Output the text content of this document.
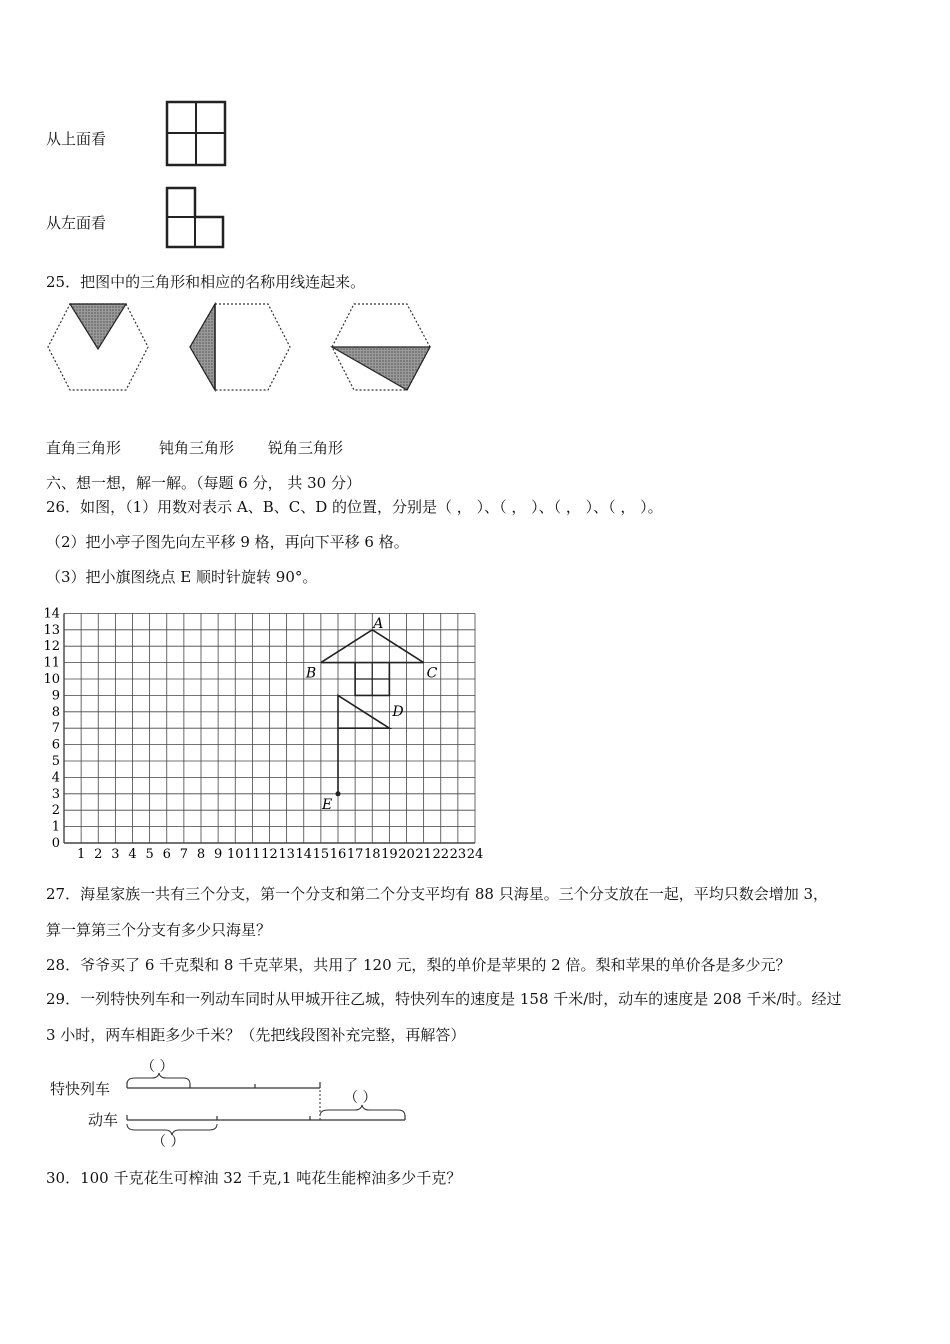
从上面看
从左面看
25．把图中的三角形和相应的名称用线连起来。
直角三角形	钝角三角形 锐角三角形
六、想一想，解一解。（每题 6 分， 共 30 分）
26．如图，（1）用数对表示 A、B、C、D 的位置，分别是（ ， ）、（ ， ）、（ ， ）、（ ， ）。
（2）把小亭子图先向左平移 9 格，再向下平移 6 格。
（3）把小旗图绕点 E 顺时针旋转 90°。
1 2 3 4 5 6 7 8 9 10 11 12 13 14 15 16 17 18 19 20 21 22 23 24
0
1
2
3
4
5
6
7
8
9
10
11
12
13
14
A
B	C
D
E
27．海星家族一共有三个分支，第一个分支和第二个分支平均有 88 只海星。三个分支放在一起，平均只数会增加 3，
算一算第三个分支有多少只海星？
28．爷爷买了 6 千克梨和 8 千克苹果，共用了 120 元，梨的单价是苹果的 2 倍。梨和苹果的单价各是多少元？
29．一列特快列车和一列动车同时从甲城开往乙城，特快列车的速度是 158 千米/时，动车的速度是 208 千米/时。经过
3 小时，两车相距多少千米？（先把线段图补充完整，再解答）
特快列车
动车
（ ）
（ ）
（ ）
30．100 千克花生可榨油 32 千克,1 吨花生能榨油多少千克？
